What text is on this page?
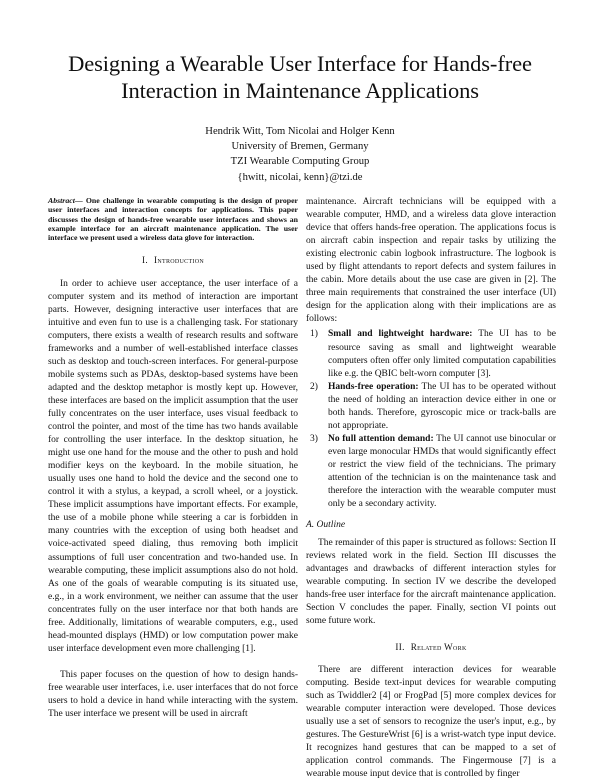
Designing a Wearable User Interface for Hands-free
Interaction in Maintenance Applications
Hendrik Witt, Tom Nicolai and Holger Kenn
University of Bremen, Germany
TZI Wearable Computing Group
{hwitt, nicolai, kenn}@tzi.de

Abstract— One challenge in wearable computing is the design of proper user interfaces and interaction concepts for applications. This paper discusses the design of hands-free wearable user interfaces and shows an example interface for an aircraft maintenance application. The user interface we present used a wireless data glove for interaction.

I. Introduction

In order to achieve user acceptance, the user interface of a computer system and its method of interaction are important parts. However, designing interactive user interfaces that are intuitive and even fun to use is a challenging task. For stationary computers, there exists a wealth of research results and software frameworks and a number of well-established interface classes such as desktop and touch-screen interfaces. For general-purpose mobile systems such as PDAs, desktop-based systems have been adapted and the desktop metaphor is mostly kept up. However, these interfaces are based on the implicit assumption that the user fully concentrates on the user interface, uses visual feedback to control the pointer, and most of the time has two hands available for controlling the user interface. In the desktop situation, he might use one hand for the mouse and the other to push and hold modifier keys on the keyboard. In the mobile situation, he usually uses one hand to hold the device and the second one to control it with a stylus, a keypad, a scroll wheel, or a joystick. These implicit assumptions have important effects. For example, the use of a mobile phone while steering a car is forbidden in many countries with the exception of using both headset and voice-activated speed dialing, thus removing both implicit assumptions of full user concentration and two-handed use. In wearable computing, these implicit assumptions also do not hold. As one of the goals of wearable computing is its situated use, e.g., in a work environment, we neither can assume that the user concentrates fully on the user interface nor that both hands are free. Additionally, limitations of wearable computers, e.g., used head-mounted displays (HMD) or low computation power make user interface development even more challenging [1].

This paper focuses on the question of how to design hands-free wearable user interfaces, i.e. user interfaces that do not force users to hold a device in hand while interacting with the system. The user interface we present will be used in aircraft

maintenance. Aircraft technicians will be equipped with a wearable computer, HMD, and a wireless data glove interaction device that offers hands-free operation. The applications focus is on aircraft cabin inspection and repair tasks by utilizing the existing electronic cabin logbook infrastructure. The logbook is used by flight attendants to report defects and system failures in the cabin. More details about the use case are given in [2]. The three main requirements that constrained the user interface (UI) design for the application along with their implications are as follows:

1) Small and lightweight hardware: The UI has to be resource saving as small and lightweight wearable computers often offer only limited computation capabilities like e.g. the QBIC belt-worn computer [3].
2) Hands-free operation: The UI has to be operated without the need of holding an interaction device either in one or both hands. Therefore, gyroscopic mice or track-balls are not appropriate.
3) No full attention demand: The UI cannot use binocular or even large monocular HMDs that would significantly effect or restrict the view field of the technicians. The primary attention of the technician is on the maintenance task and therefore the interaction with the wearable computer must only be a secondary activity.
A. Outline

The remainder of this paper is structured as follows: Section II reviews related work in the field. Section III discusses the advantages and drawbacks of different interaction styles for wearable computing. In section IV we describe the developed hands-free user interface for the aircraft maintenance application. Section V concludes the paper. Finally, section VI points out some future work.

II. Related Work

There are different interaction devices for wearable computing. Beside text-input devices for wearable computing such as Twiddler2 [4] or FrogPad [5] more complex devices for wearable computer interaction were developed. Those devices usually use a set of sensors to recognize the user's input, e.g., by gestures. The GestureWrist [6] is a wrist-watch type input device. It recognizes hand gestures that can be mapped to a set of application control commands. The Fingermouse [7] is a wearable mouse input device that is controlled by finger
